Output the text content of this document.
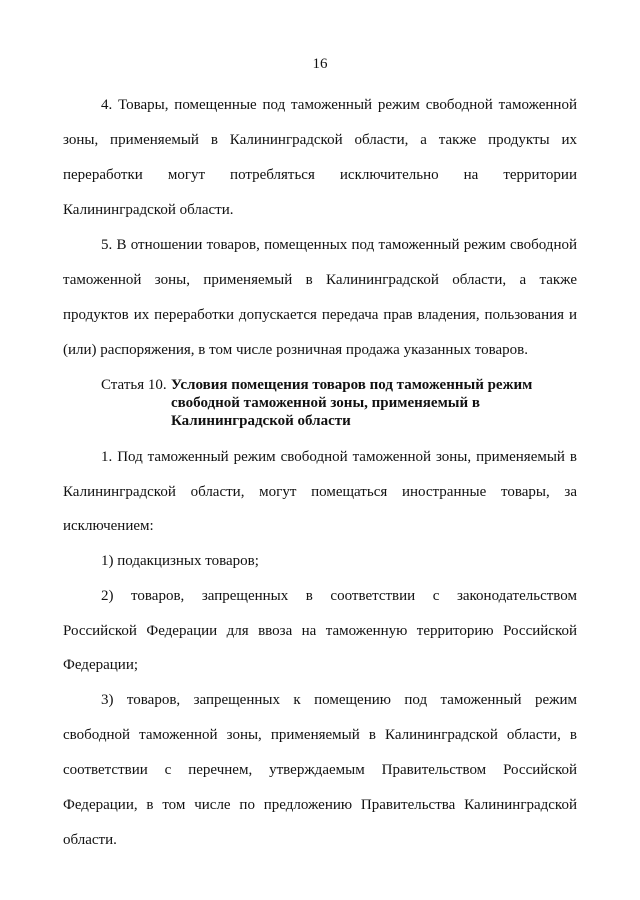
16
4. Товары, помещенные под таможенный режим свободной таможенной
зоны, применяемый в Калининградской области, а также продукты их
переработки могут потребляться исключительно на территории
Калининградской области.
5. В отношении товаров, помещенных под таможенный режим свободной
таможенной зоны, применяемый в Калининградской области, а также
продуктов их переработки допускается передача прав владения, пользования и
(или) распоряжения, в том числе розничная продажа указанных товаров.
Статья 10. Условия помещения товаров под таможенный режим
свободной таможенной зоны, применяемый в
Калининградской области
1. Под таможенный режим свободной таможенной зоны, применяемый в
Калининградской области, могут помещаться иностранные товары, за
исключением:
1) подакцизных товаров;
2) товаров, запрещенных в соответствии с законодательством
Российской Федерации для ввоза на таможенную территорию Российской
Федерации;
3) товаров, запрещенных к помещению под таможенный режим
свободной таможенной зоны, применяемый в Калининградской области, в
соответствии с перечнем, утверждаемым Правительством Российской
Федерации, в том числе по предложению Правительства Калининградской
области.
